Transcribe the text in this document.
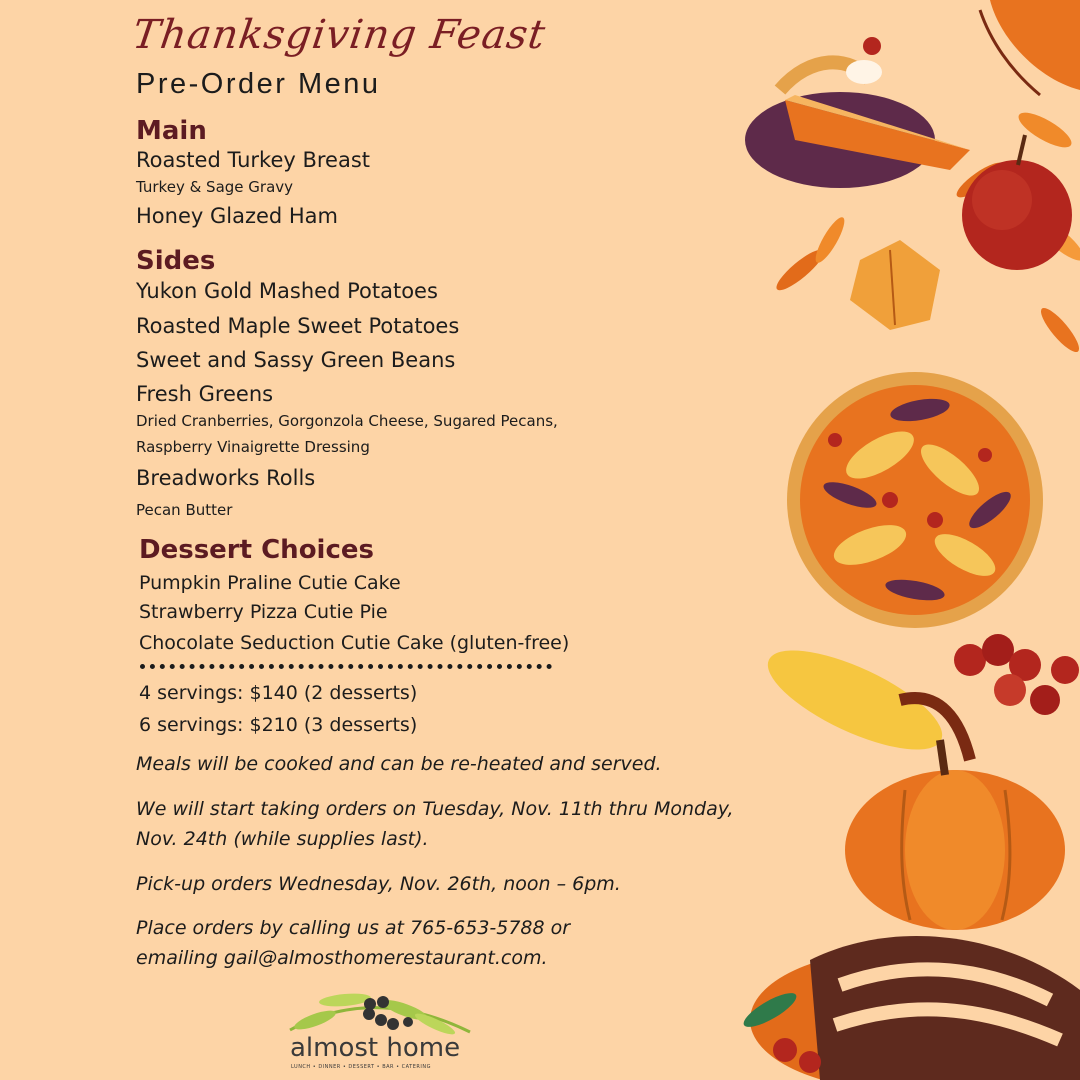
Thanksgiving Feast
Pre-Order Menu
Main
Roasted Turkey Breast
Turkey & Sage Gravy
Honey Glazed Ham
Sides
Yukon Gold Mashed Potatoes
Roasted Maple Sweet Potatoes
Sweet and Sassy Green Beans
Fresh Greens
Dried Cranberries, Gorgonzola Cheese, Sugared Pecans,
Raspberry Vinaigrette Dressing
Breadworks Rolls
Pecan Butter
Dessert Choices
Pumpkin Praline Cutie Cake
Strawberry Pizza Cutie Pie
Chocolate Seduction Cutie Cake (gluten-free)
4 servings: $140 (2 desserts)
6 servings: $210 (3 desserts)
Meals will be cooked and can be re-heated and served.
We will start taking orders on Tuesday, Nov. 11th thru Monday,
Nov. 24th (while supplies last).
Pick-up orders Wednesday, Nov. 26th, noon – 6pm.
Place orders by calling us at 765-653-5788 or
emailing gail@almosthomerestaurant.com.
almost home
LUNCH • DINNER • DESSERT • BAR • CATERING
